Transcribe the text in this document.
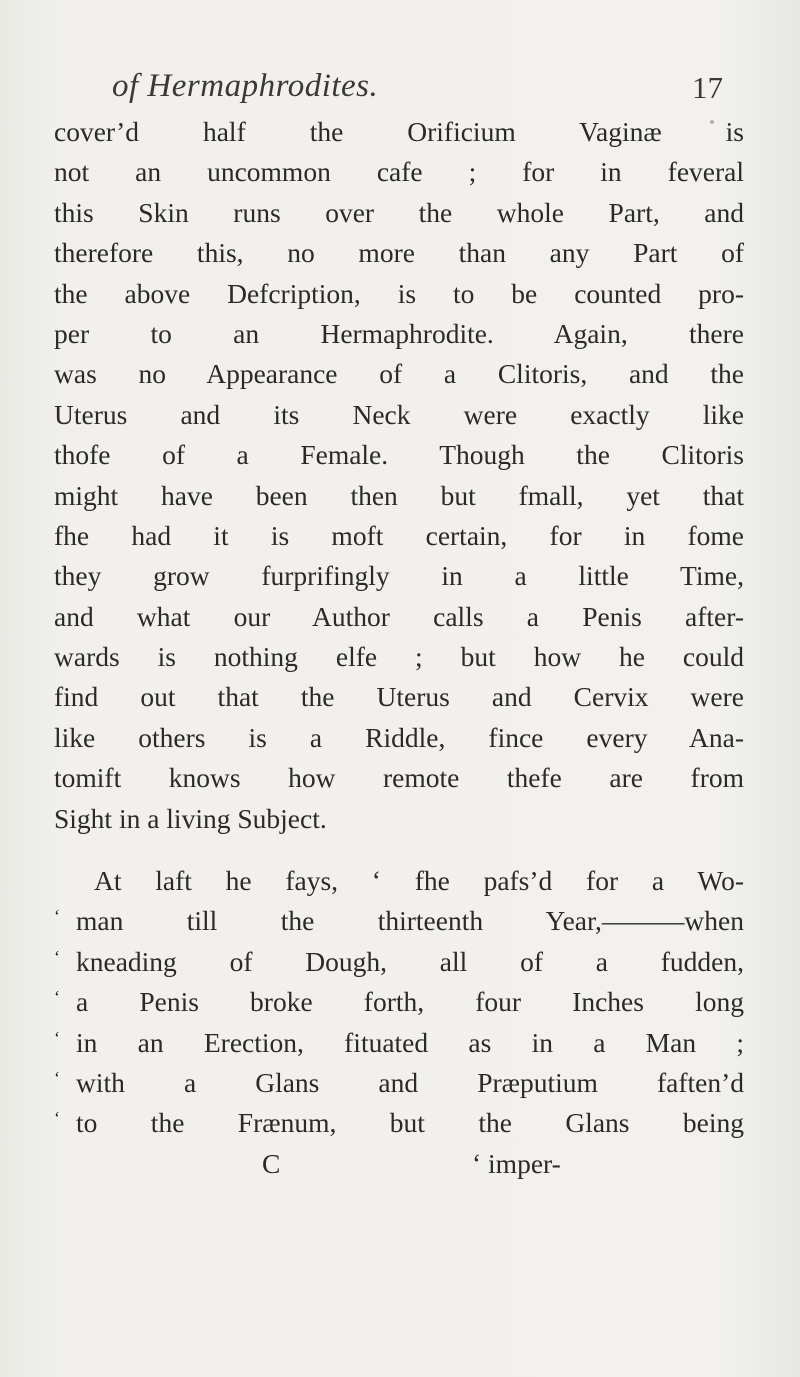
of Hermaphrodites.	17
cover’d half the Orificium Vaginæ is
not an uncommon cafe ; for in feveral
this Skin runs over the whole Part, and
therefore this, no more than any Part of
the above Defcription, is to be counted pro-
per to an Hermaphrodite. Again, there
was no Appearance of a Clitoris, and the
Uterus and its Neck were exactly like
thofe of a Female. Though the Clitoris
might have been then but fmall, yet that
fhe had it is moft certain, for in fome
they grow furprifingly in a little Time,
and what our Author calls a Penis after-
wards is nothing elfe ; but how he could
find out that the Uterus and Cervix were
like others is a Riddle, fince every Ana-
tomift knows how remote thefe are from
Sight in a living Subject.
At laft he fays, ‘ fhe pafs’d for a Wo-
‘ man till the thirteenth Year,———when
‘ kneading of Dough, all of a fudden,
‘ a Penis broke forth, four Inches long
‘ in an Erection, fituated as in a Man ;
‘ with a Glans and Præputium faften’d
‘ to the Frænum, but the Glans being
C	‘ imper-
